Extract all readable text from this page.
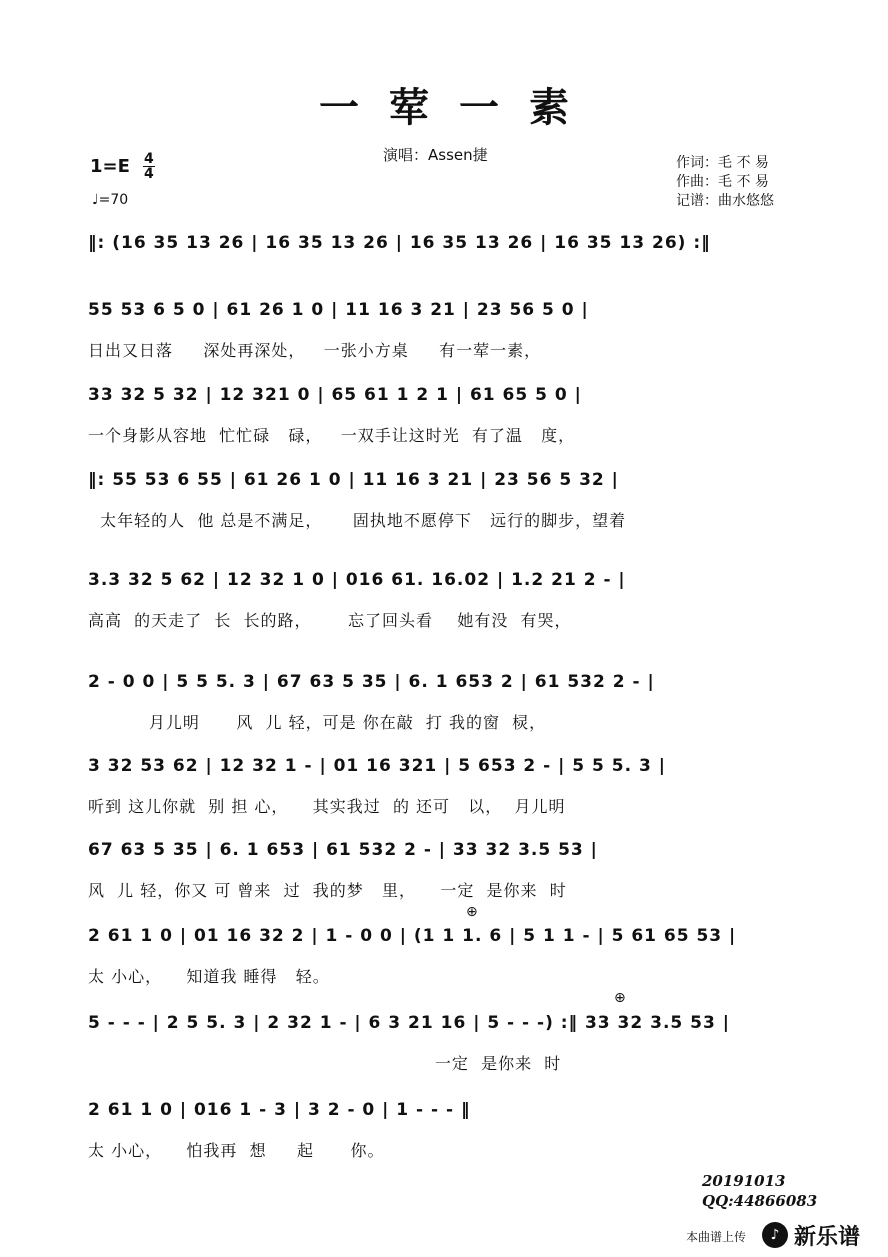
一荤一素
演唱：Assen捷
1=E 4
4
♩=70
作词：毛 不 易
作曲：毛 不 易
记谱：曲水悠悠
‖: (16 35 13 26 | 16 35 13 26 | 16 35 13 26 | 16 35 13 26) :‖
55 53 6 5 0 | 61 26 1 0 | 11 16 3 21 | 23 56 5 0 |
日出又日落     深处再深处，   一张小方桌     有一荤一素，
33 32 5 32 | 12 321 0 | 65 61 1 2 1 | 61 65 5 0 |
一个身影从容地  忙忙碌   碌，   一双手让这时光  有了温   度，
‖: 55 53 6 55 | 61 26 1 0 | 11 16 3 21 | 23 56 5 32 |
太年轻的人  他 总是不满足，     固执地不愿停下   远行的脚步，望着
3.3 32 5 62 | 12 32 1 0 | 016 61. 16.02 | 1.2 21 2 - |
高高  的天走了  长  长的路，      忘了回头看    她有没  有哭，
2 - 0 0 | 5 5 5. 3 | 67 63 5 35 | 6. 1 653 2 | 61 532 2 - |
月儿明      风  儿 轻，可是 你在敲  打 我的窗  棂，
3 32 53 62 | 12 32 1 - | 01 16 321 | 5 653 2 - | 5 5 5. 3 |
听到 这儿你就  别 担 心，    其实我过  的 还可   以，  月儿明
67 63 5 35 | 6. 1 653 | 61 532 2 - | 33 32 3.5 53 |
风  儿 轻，你又 可 曾来  过  我的梦   里，    一定  是你来  时
⊕
2 61 1 0 | 01 16 32 2 | 1 - 0 0 | (1 1 1. 6 | 5 1 1 - | 5 61 65 53 |
太 小心，    知道我 睡得   轻。
⊕
5 - - - | 2 5 5. 3 | 2 32 1 - | 6 3 21 16 | 5 - - -) :‖ 33 32 3.5 53 |
一定  是你来  时
2 61 1 0 | 016 1 - 3 | 3 2 - 0 | 1 - - - ‖
太 小心，    怕我再  想     起      你。
20191013
QQ:44866083
本曲谱上传	♪ 新乐谱
